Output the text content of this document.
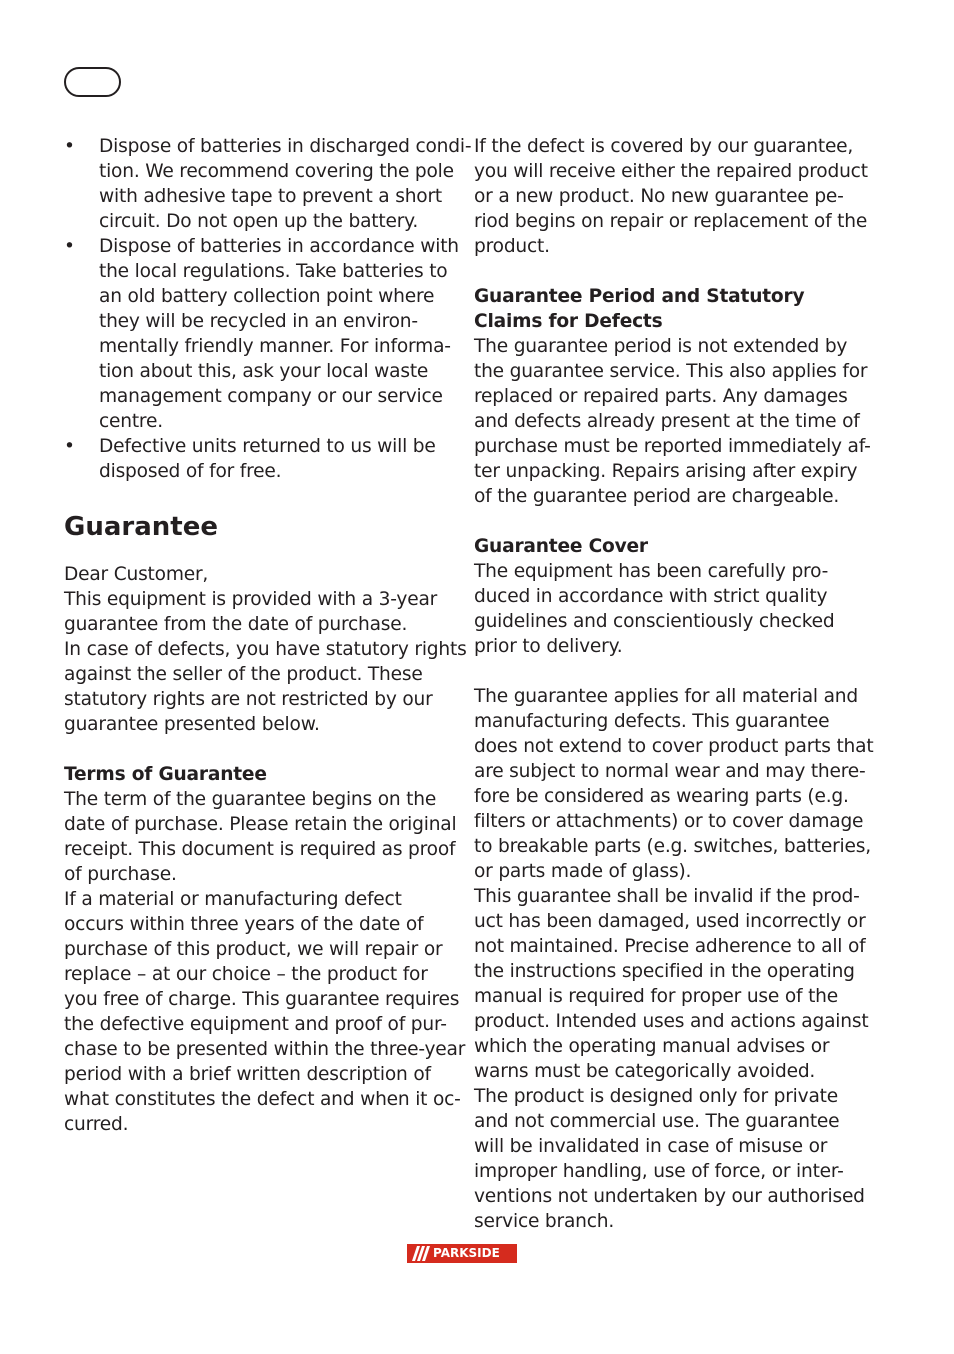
• Dispose of batteries in discharged condi-
tion. We recommend covering the pole
with adhesive tape to prevent a short
circuit. Do not open up the battery.
• Dispose of batteries in accordance with
the local regulations. Take batteries to
an old battery collection point where
they will be recycled in an environ-
mentally friendly manner. For informa-
tion about this, ask your local waste
management company or our service
centre.
• Defective units returned to us will be
disposed of for free.
Guarantee
Dear Customer,
This equipment is provided with a 3-year
guarantee from the date of purchase.
In case of defects, you have statutory rights
against the seller of the product. These
statutory rights are not restricted by our
guarantee presented below.
Terms of Guarantee
The term of the guarantee begins on the
date of purchase. Please retain the original
receipt. This document is required as proof
of purchase.
If a material or manufacturing defect
occurs within three years of the date of
purchase of this product, we will repair or
replace – at our choice – the product for
you free of charge. This guarantee requires
the defective equipment and proof of pur-
chase to be presented within the three-year
period with a brief written description of
what constitutes the defect and when it oc-
curred.
If the defect is covered by our guarantee,
you will receive either the repaired product
or a new product. No new guarantee pe-
riod begins on repair or replacement of the
product.
Guarantee Period and Statutory
Claims for Defects
The guarantee period is not extended by
the guarantee service. This also applies for
replaced or repaired parts. Any damages
and defects already present at the time of
purchase must be reported immediately af-
ter unpacking. Repairs arising after expiry
of the guarantee period are chargeable.
Guarantee Cover
The equipment has been carefully pro-
duced in accordance with strict quality
guidelines and conscientiously checked
prior to delivery.
The guarantee applies for all material and
manufacturing defects. This guarantee
does not extend to cover product parts that
are subject to normal wear and may there-
fore be considered as wearing parts (e.g.
filters or attachments) or to cover damage
to breakable parts (e.g. switches, batteries,
or parts made of glass).
This guarantee shall be invalid if the prod-
uct has been damaged, used incorrectly or
not maintained. Precise adherence to all of
the instructions specified in the operating
manual is required for proper use of the
product. Intended uses and actions against
which the operating manual advises or
warns must be categorically avoided.
The product is designed only for private
and not commercial use. The guarantee
will be invalidated in case of misuse or
improper handling, use of force, or inter-
ventions not undertaken by our authorised
service branch.
PARKSIDE
